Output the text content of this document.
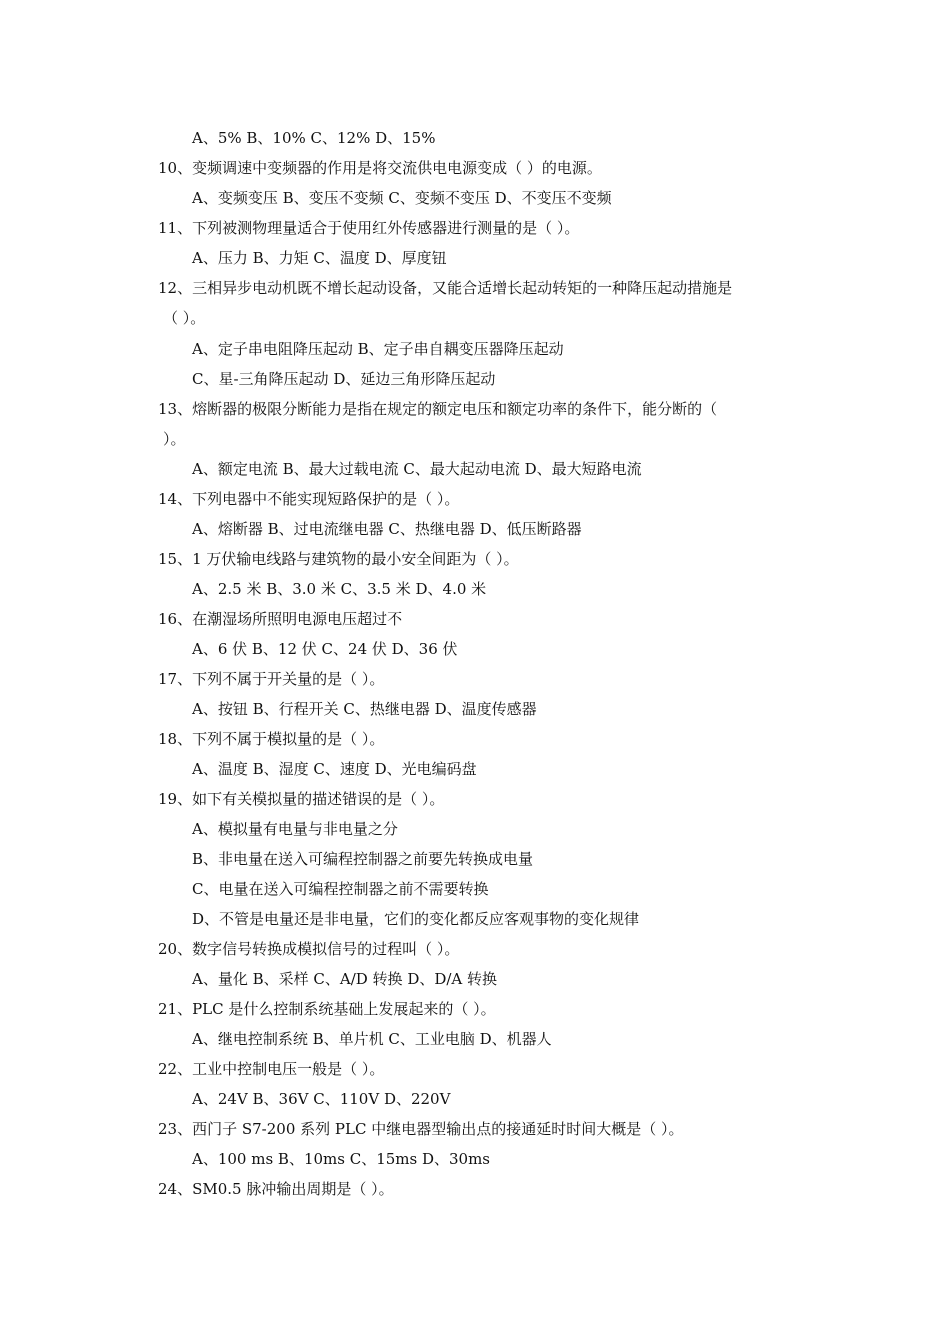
A、5% B、10% C、12% D、15%
10、变频调速中变频器的作用是将交流供电电源变成（ ）的电源。
A、变频变压 B、变压不变频 C、变频不变压 D、不变压不变频
11、下列被测物理量适合于使用红外传感器进行测量的是（ ）。
A、压力 B、力矩 C、温度 D、厚度钮
12、三相异步电动机既不增长起动设备，又能合适增长起动转矩的一种降压起动措施是
（ ）。
A、定子串电阻降压起动 B、定子串自耦变压器降压起动
C、星-三角降压起动 D、延边三角形降压起动
13、熔断器的极限分断能力是指在规定的额定电压和额定功率的条件下，能分断的（
）。
A、额定电流 B、最大过载电流 C、最大起动电流 D、最大短路电流
14、下列电器中不能实现短路保护的是（ ）。
A、熔断器 B、过电流继电器 C、热继电器 D、低压断路器
15、1 万伏输电线路与建筑物的最小安全间距为（ ）。
A、2.5 米 B、3.0 米 C、3.5 米 D、4.0 米
16、在潮湿场所照明电源电压超过不
A、6 伏 B、12 伏 C、24 伏 D、36 伏
17、下列不属于开关量的是（ ）。
A、按钮 B、行程开关 C、热继电器 D、温度传感器
18、下列不属于模拟量的是（ ）。
A、温度 B、湿度 C、速度 D、光电编码盘
19、如下有关模拟量的描述错误的是（ ）。
A、模拟量有电量与非电量之分
B、非电量在送入可编程控制器之前要先转换成电量
C、电量在送入可编程控制器之前不需要转换
D、不管是电量还是非电量，它们的变化都反应客观事物的变化规律
20、数字信号转换成模拟信号的过程叫（ ）。
A、量化 B、采样 C、A/D 转换 D、D/A 转换
21、PLC 是什么控制系统基础上发展起来的（ ）。
A、继电控制系统 B、单片机 C、工业电脑 D、机器人
22、工业中控制电压一般是（ ）。
A、24V B、36V C、110V D、220V
23、西门子 S7-200 系列 PLC 中继电器型输出点的接通延时时间大概是（ ）。
A、100 ms B、10ms C、15ms D、30ms
24、SM0.5 脉冲输出周期是（ ）。
